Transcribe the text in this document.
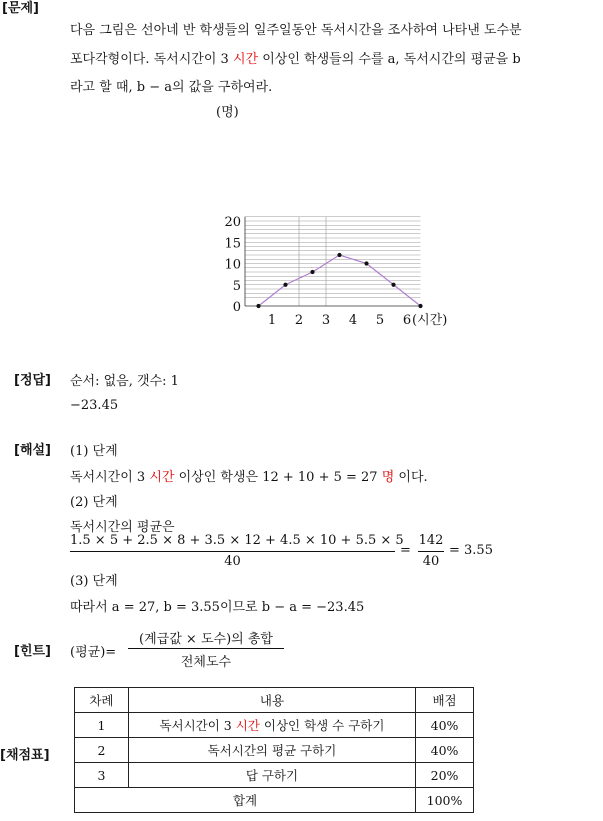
[문제]
[정답]
[해설]
[힌트]
[채점표]
다음 그림은 선아네 반 학생들의 일주일동안 독서시간을 조사하여 나타낸 도수분
포다각형이다. 독서시간이 3 시간 이상인 학생들의 수를 a, 독서시간의 평균을 b
라고 할 때, b − a의 값을 구하여라.
0
5
10
15
20
1 2 3 4 5 6 (시간)
(명)
순서: 없음, 갯수: 1
−23.45
(1) 단계
독서시간이 3 시간 이상인 학생은 12 + 10 + 5 = 27 명 이다.
(2) 단계
독서시간의 평균은
1.5 × 5 + 2.5 × 8 + 3.5 × 12 + 4.5 × 10 + 5.5 × 5
40
=
142
40
= 3.55
(3) 단계
따라서 a = 27, b = 3.55이므로 b − a = −23.45
(평균)=
(계급값 × 도수)의 총합
전체도수
차례	내용	배점
1	독서시간이 3 시간 이상인 학생 수 구하기	40%
2	독서시간의 평균 구하기	40%
3	답 구하기	20%
합계		100%
